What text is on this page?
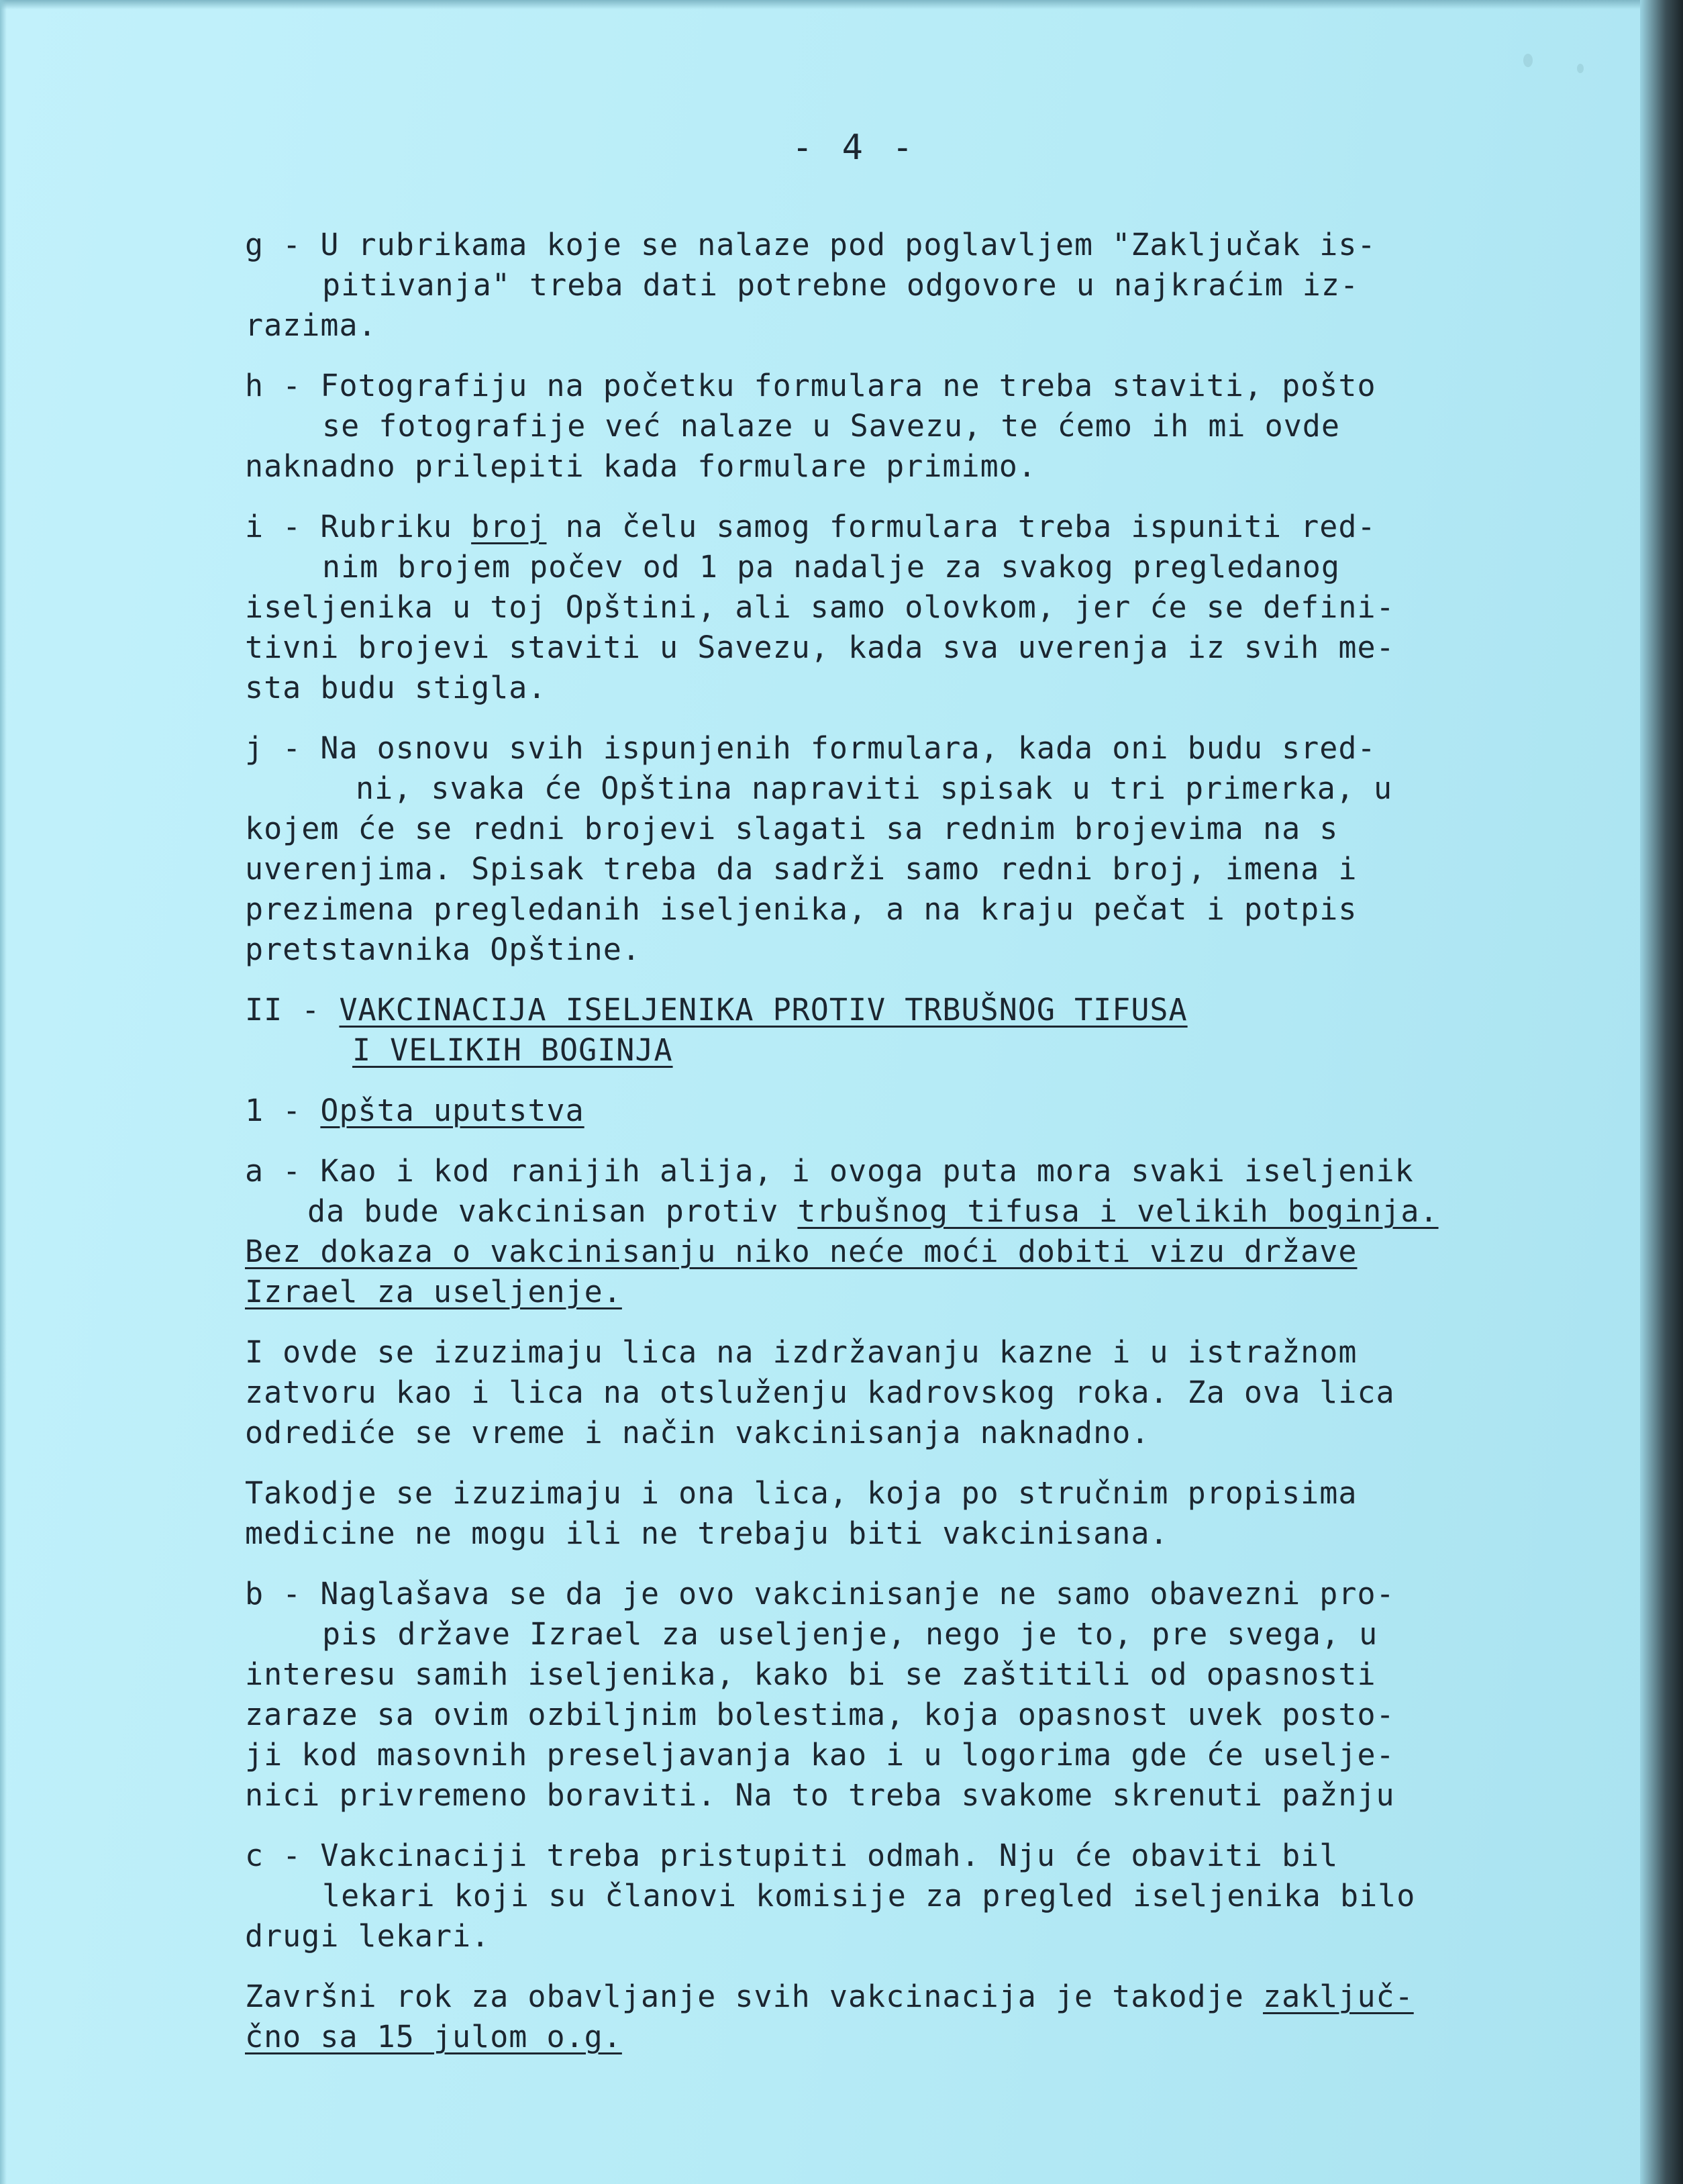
- 4 -
g - U rubrikama koje se nalaze pod poglavljem "Zaključak is-
pitivanja" treba dati potrebne odgovore u najkraćim iz-
razima.
h - Fotografiju na početku formulara ne treba staviti, pošto
se fotografije već nalaze u Savezu, te ćemo ih mi ovde
naknadno prilepiti kada formulare primimo.
i - Rubriku broj na čelu samog formulara treba ispuniti red-
nim brojem počev od 1 pa nadalje za svakog pregledanog
iseljenika u toj Opštini, ali samo olovkom, jer će se defini-
tivni brojevi staviti u Savezu, kada sva uverenja iz svih me-
sta budu stigla.
j - Na osnovu svih ispunjenih formulara, kada oni budu sred-
ni, svaka će Opština napraviti spisak u tri primerka, u
kojem će se redni brojevi slagati sa rednim brojevima na s
uverenjima. Spisak treba da sadrži samo redni broj, imena i
prezimena pregledanih iseljenika, a na kraju pečat i potpis
pretstavnika Opštine.
II - VAKCINACIJA ISELJENIKA PROTIV TRBUŠNOG TIFUSA
I VELIKIH BOGINJA
1 - Opšta uputstva
a - Kao i kod ranijih alija, i ovoga puta mora svaki iseljenik
da bude vakcinisan protiv trbušnog tifusa i velikih boginja.
Bez dokaza o vakcinisanju niko neće moći dobiti vizu države
Izrael za useljenje.
I ovde se izuzimaju lica na izdržavanju kazne i u istražnom
zatvoru kao i lica na otsluženju kadrovskog roka. Za ova lica
odrediće se vreme i način vakcinisanja naknadno.
Takodje se izuzimaju i ona lica, koja po stručnim propisima
medicine ne mogu ili ne trebaju biti vakcinisana.
b - Naglašava se da je ovo vakcinisanje ne samo obavezni pro-
pis države Izrael za useljenje, nego je to, pre svega, u
interesu samih iseljenika, kako bi se zaštitili od opasnosti
zaraze sa ovim ozbiljnim bolestima, koja opasnost uvek posto-
ji kod masovnih preseljavanja kao i u logorima gde će uselje-
nici privremeno boraviti. Na to treba svakome skrenuti pažnju
c - Vakcinaciji treba pristupiti odmah. Nju će obaviti bil
lekari koji su članovi komisije za pregled iseljenika bilo
drugi lekari.
Završni rok za obavljanje svih vakcinacija je takodje zaključ-
čno sa 15 julom o.g.
